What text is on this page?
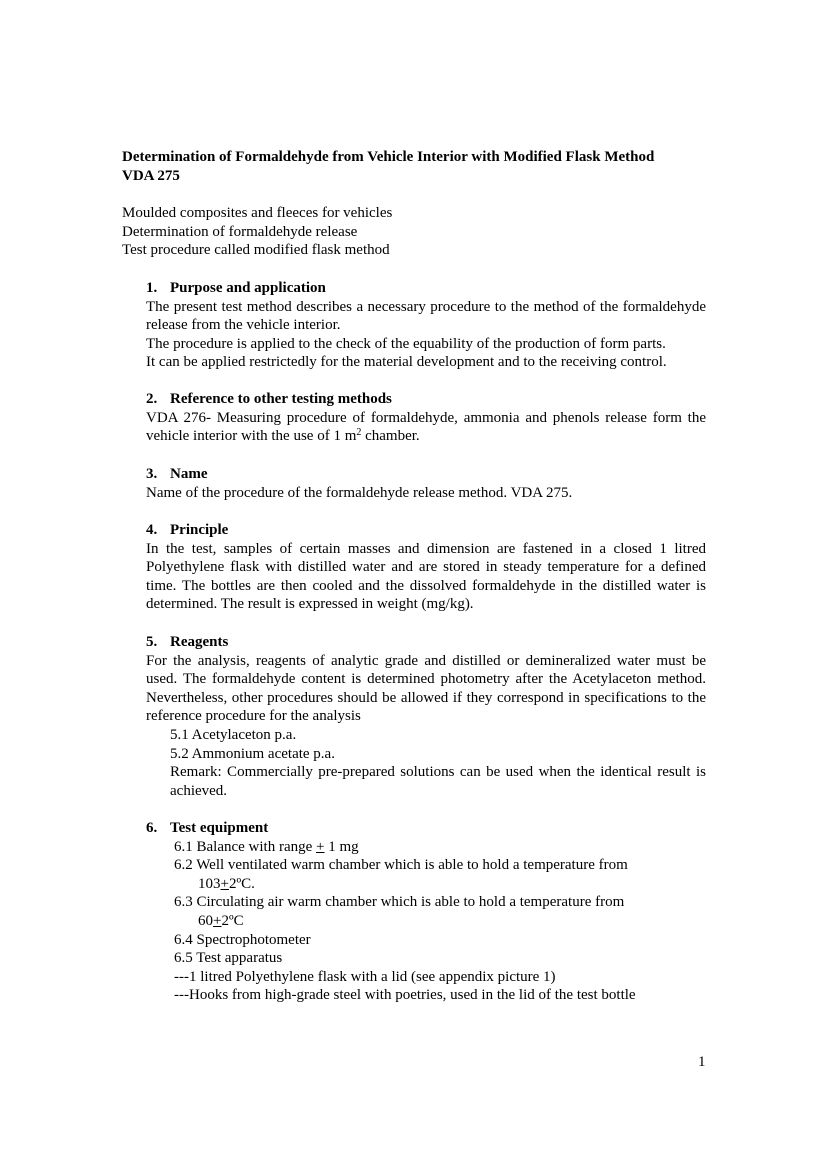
Determination of Formaldehyde from Vehicle Interior with Modified Flask Method
VDA 275
Moulded composites and fleeces for vehicles
Determination of formaldehyde release
Test procedure called modified flask method
1. Purpose and application
The present test method describes a necessary procedure to the method of the formaldehyde release from the vehicle interior.
The procedure is applied to the check of the equability of the production of form parts.
It can be applied restrictedly for the material development and to the receiving control.
2. Reference to other testing methods
VDA 276- Measuring procedure of formaldehyde, ammonia and phenols release form the vehicle interior with the use of 1 $m^2$ chamber.
3. Name
Name of the procedure of the formaldehyde release method. VDA 275.
4. Principle
In the test, samples of certain masses and dimension are fastened in a closed 1 litred Polyethylene flask with distilled water and are stored in steady temperature for a defined time. The bottles are then cooled and the dissolved formaldehyde in the distilled water is determined. The result is expressed in weight (mg/kg).
5. Reagents
For the analysis, reagents of analytic grade and distilled or demineralized water must be used. The formaldehyde content is determined photometry after the Acetylaceton method. Nevertheless, other procedures should be allowed if they correspond in specifications to the reference procedure for the analysis
5.1 Acetylaceton p.a.
5.2 Ammonium acetate p.a.
Remark: Commercially pre-prepared solutions can be used when the identical result is achieved.
6. Test equipment
6.1 Balance with range + 1 mg
6.2 Well ventilated warm chamber which is able to hold a temperature from
103+2ºC.
6.3 Circulating air warm chamber which is able to hold a temperature from
60+2ºC
6.4 Spectrophotometer
6.5 Test apparatus
---1 litred Polyethylene flask with a lid (see appendix picture 1)
---Hooks from high-grade steel with poetries, used in the lid of the test bottle
1
